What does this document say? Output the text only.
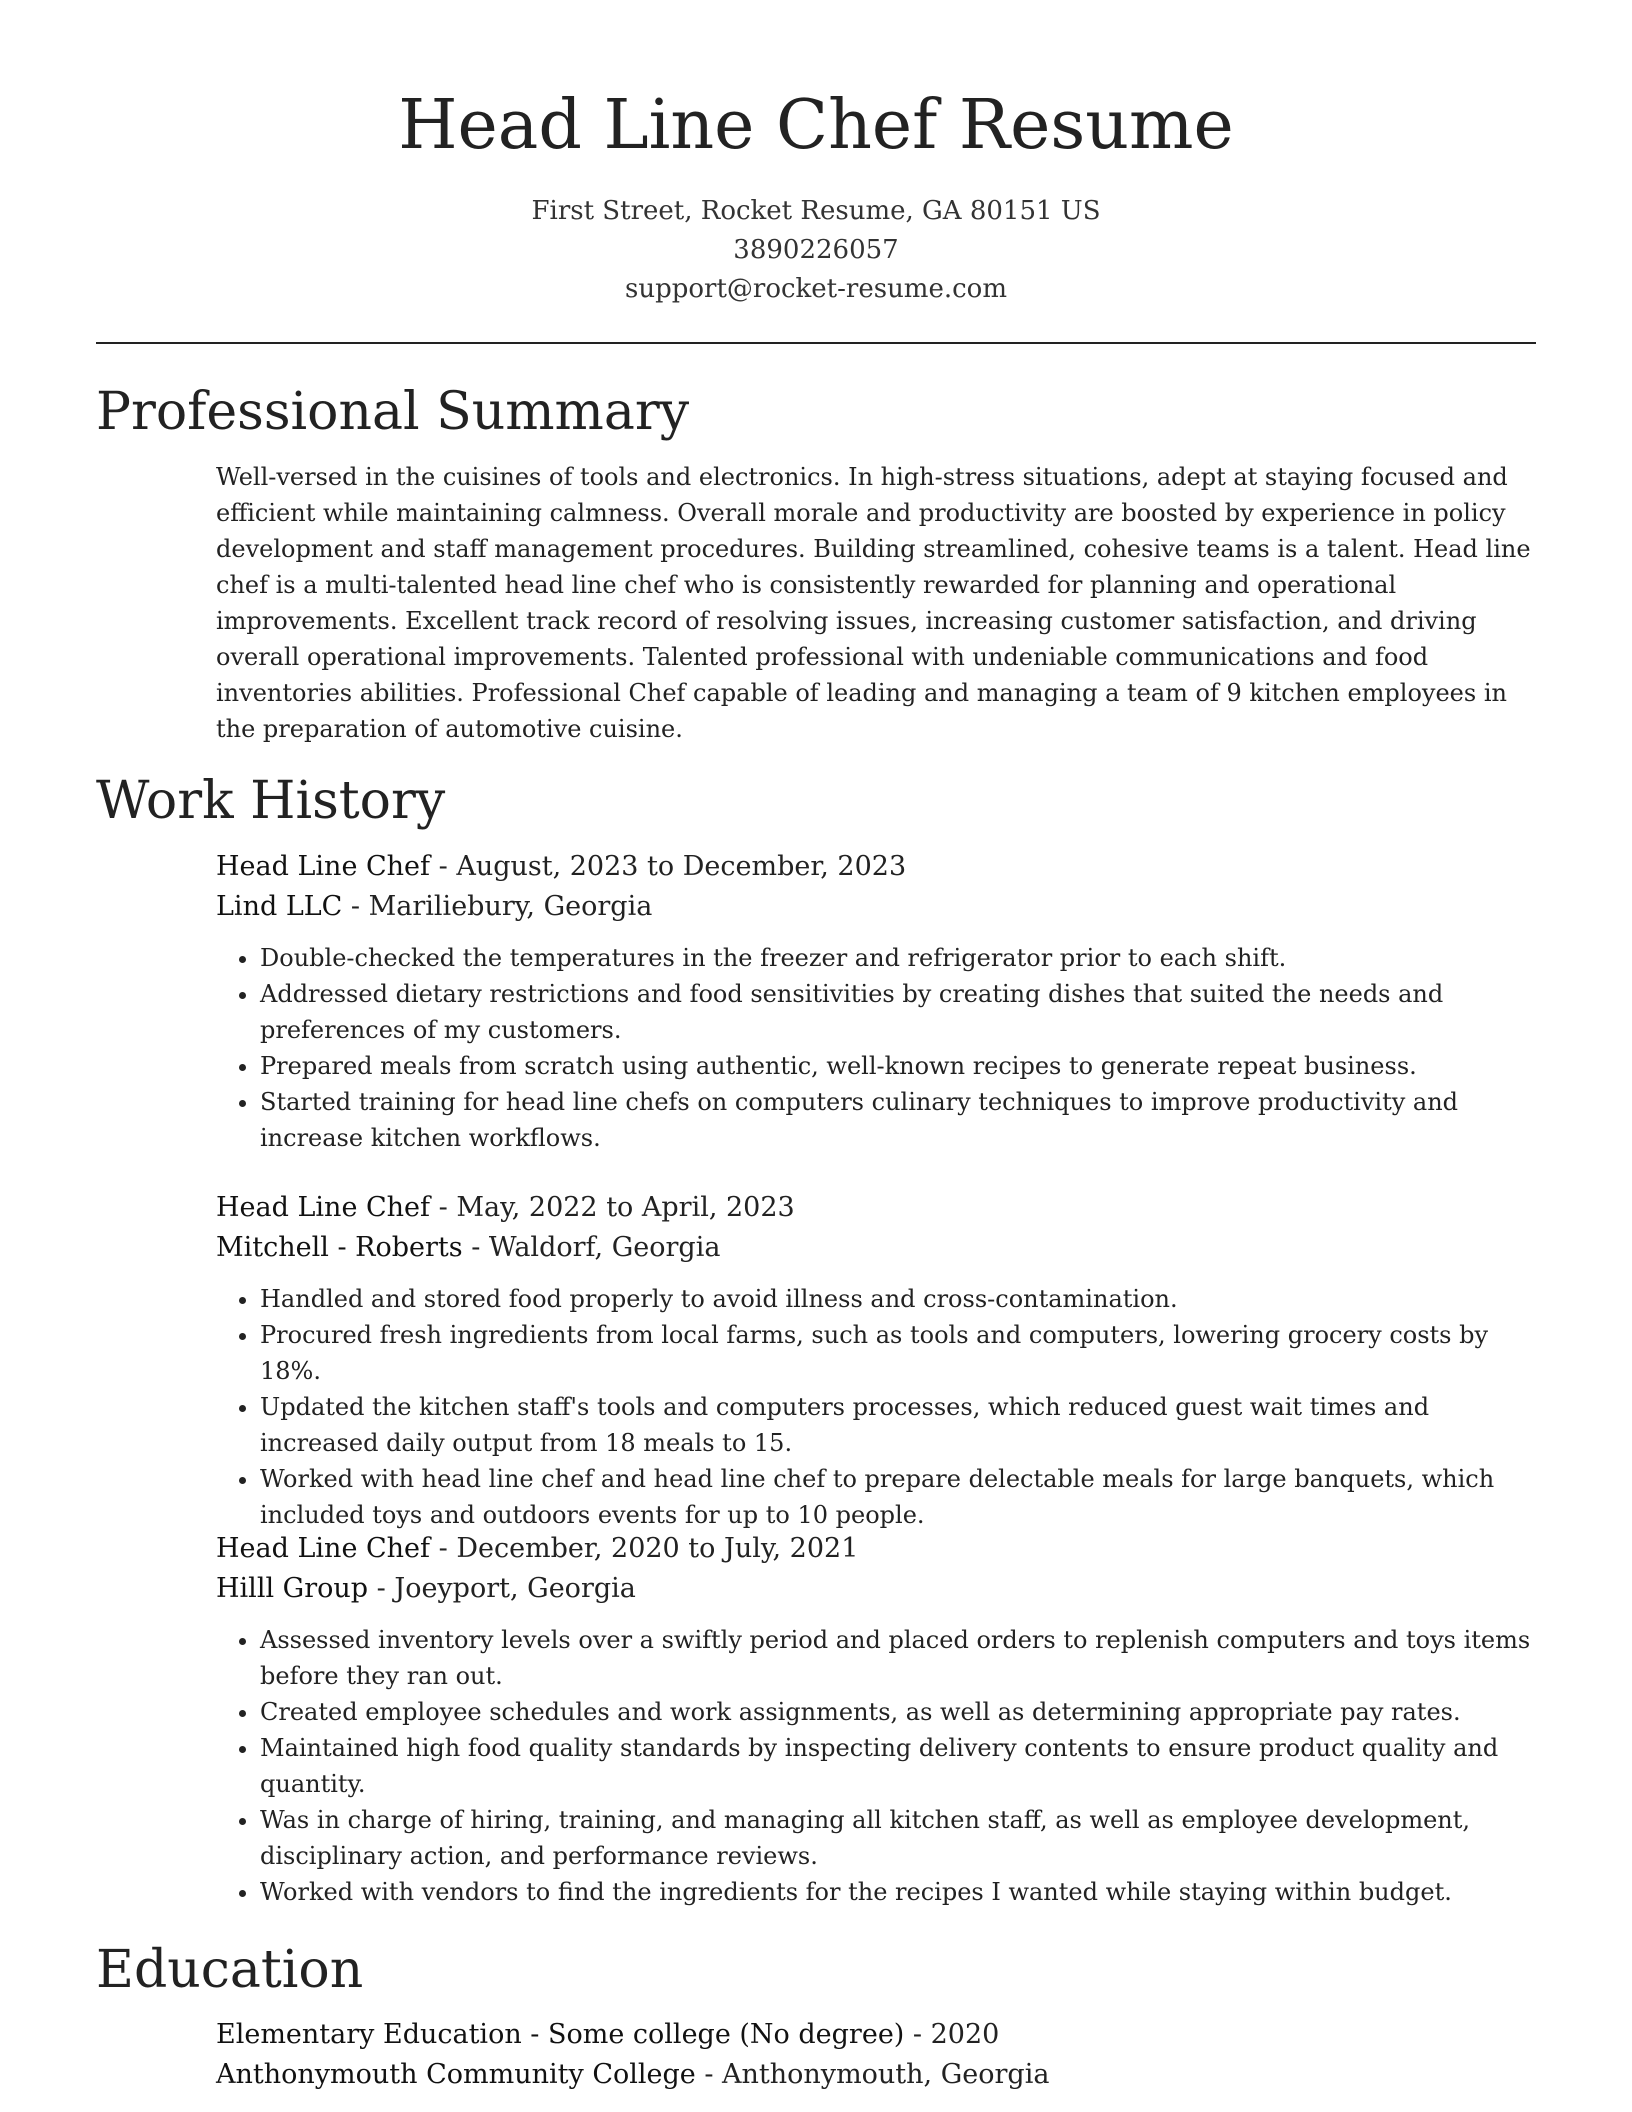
Head Line Chef Resume
First Street, Rocket Resume, GA 80151 US
3890226057
support@rocket-resume.com
Professional Summary

Well-versed in the cuisines of tools and electronics. In high-stress situations, adept at staying focused and efficient while maintaining calmness. Overall morale and productivity are boosted by experience in policy development and staff management procedures. Building streamlined, cohesive teams is a talent. Head line chef is a multi-talented head line chef who is consistently rewarded for planning and operational improvements. Excellent track record of resolving issues, increasing customer satisfaction, and driving overall operational improvements. Talented professional with undeniable communications and food inventories abilities. Professional Chef capable of leading and managing a team of 9 kitchen employees in the preparation of automotive cuisine.

Work History
Head Line Chef - August, 2023 to December, 2023
Lind LLC - Mariliebury, Georgia
• Double-checked the temperatures in the freezer and refrigerator prior to each shift.
• Addressed dietary restrictions and food sensitivities by creating dishes that suited the needs and preferences of my customers.
• Prepared meals from scratch using authentic, well-known recipes to generate repeat business.
• Started training for head line chefs on computers culinary techniques to improve productivity and increase kitchen workflows.
Head Line Chef - May, 2022 to April, 2023
Mitchell - Roberts - Waldorf, Georgia
• Handled and stored food properly to avoid illness and cross-contamination.
• Procured fresh ingredients from local farms, such as tools and computers, lowering grocery costs by 18%.
• Updated the kitchen staff's tools and computers processes, which reduced guest wait times and increased daily output from 18 meals to 15.
• Worked with head line chef and head line chef to prepare delectable meals for large banquets, which included toys and outdoors events for up to 10 people.
Head Line Chef - December, 2020 to July, 2021
Hilll Group - Joeyport, Georgia
• Assessed inventory levels over a swiftly period and placed orders to replenish computers and toys items before they ran out.
• Created employee schedules and work assignments, as well as determining appropriate pay rates.
• Maintained high food quality standards by inspecting delivery contents to ensure product quality and quantity.
• Was in charge of hiring, training, and managing all kitchen staff, as well as employee development, disciplinary action, and performance reviews.
• Worked with vendors to find the ingredients for the recipes I wanted while staying within budget.
Education
Elementary Education - Some college (No degree) - 2020
Anthonymouth Community College - Anthonymouth, Georgia
